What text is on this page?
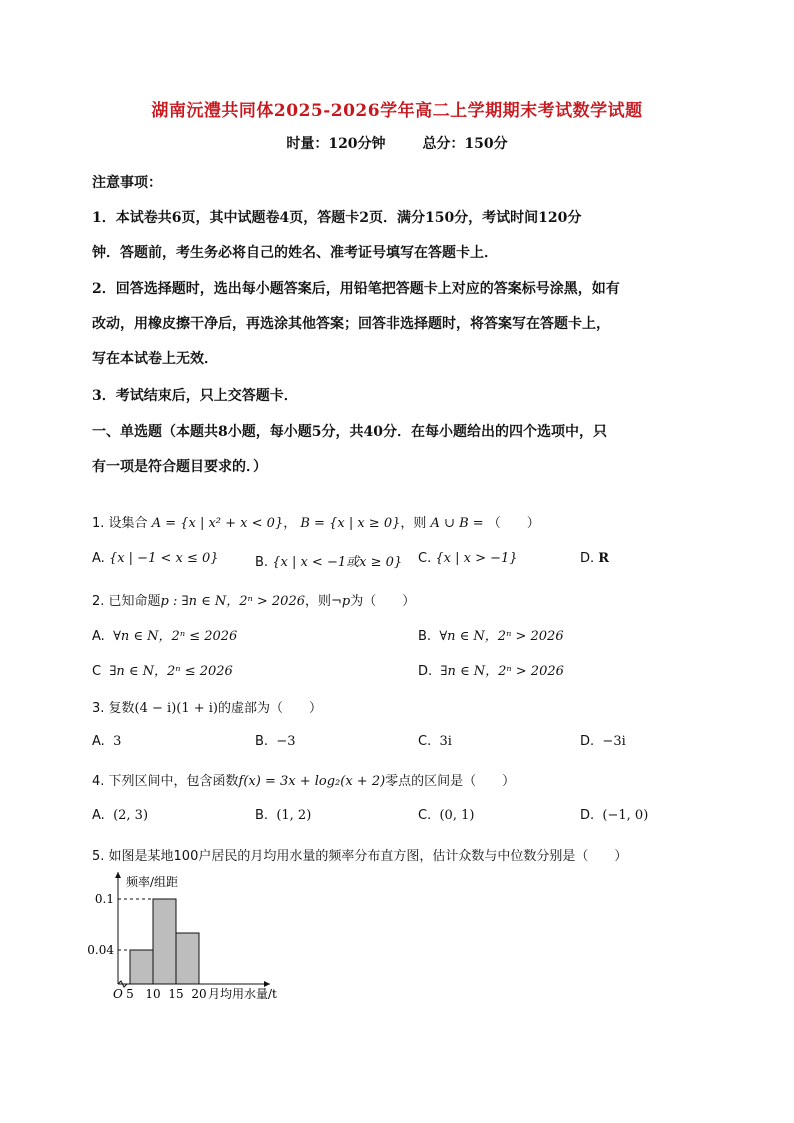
湖南沅澧共同体2025-2026学年高二上学期期末考试数学试题
时量：120分钟	总分：150分
注意事项：
1．本试卷共6页，其中试题卷4页，答题卡2页．满分150分，考试时间120分
钟．答题前，考生务必将自己的姓名、准考证号填写在答题卡上．
2．回答选择题时，选出每小题答案后，用铅笔把答题卡上对应的答案标号涂黑，如有
改动，用橡皮擦干净后，再选涂其他答案；回答非选择题时，将答案写在答题卡上，
写在本试卷上无效．
3．考试结束后，只上交答题卡．
一、单选题（本题共8小题，每小题5分，共40分．在每小题给出的四个选项中，只
有一项是符合题目要求的．）
1. 设集合 A = {x | x² + x < 0}， B = {x | x ≥ 0}，则 A ∪ B = （　　）
A. {x | −1 < x ≤ 0}	B. {x | x < −1或x ≥ 0} C. {x | x > −1}	D. R
2. 已知命题p : ∃n ∈ N，2ⁿ > 2026，则¬p为（　　）
A. ∀n ∈ N，2ⁿ ≤ 2026	B. ∀n ∈ N，2ⁿ > 2026
C ∃n ∈ N，2ⁿ ≤ 2026	D. ∃n ∈ N，2ⁿ > 2026
3. 复数(4 − i)(1 + i)的虚部为（　　）
A. 3	B. −3	C. 3i	D. −3i
4. 下列区间中，包含函数f(x) = 3x + log₂(x + 2)零点的区间是（　　）
A. (2, 3)	B. (1, 2)	C. (0, 1)	D. (−1, 0)
5. 如图是某地100户居民的月均用水量的频率分布直方图，估计众数与中位数分别是（　　）
频率/组距
月均用水量/t
O
0.04
0.1
5 10 15 20
